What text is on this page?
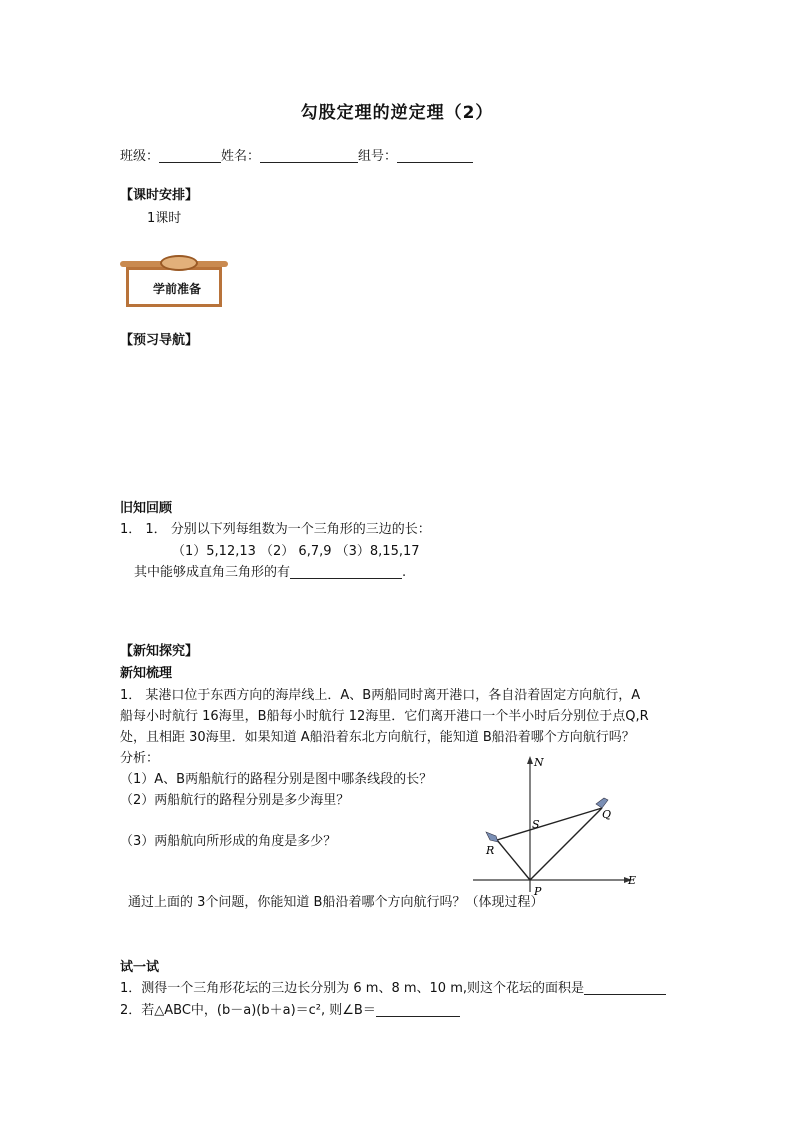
勾股定理的逆定理（2）
班级：	姓名：	组号：
【课时安排】
1课时
学前准备
【预习导航】
旧知回顾
1． 1． 分别以下列每组数为一个三角形的三边的长：
（1）5,12,13 （2） 6,7,9 （3）8,15,17
其中能够成直角三角形的有	.
【新知探究】
新知梳理
1． 某港口位于东西方向的海岸线上．A、B两船同时离开港口，各自沿着固定方向航行，A
船每小时航行 16海里，B船每小时航行 12海里．它们离开港口一个半小时后分别位于点Q,R
处，且相距 30海里．如果知道 A船沿着东北方向航行，能知道 B船沿着哪个方向航行吗？
分析：
（1）A、B两船航行的路程分别是图中哪条线段的长？
（2）两船航行的路程分别是多少海里？
（3）两船航向所形成的角度是多少？
N
E
S
Q
R
P
通过上面的 3个问题，你能知道 B船沿着哪个方向航行吗？（体现过程）
试一试
1．测得一个三角形花坛的三边长分别为 6 m、8 m、10 m,则这个花坛的面积是
2．若△ABC中，(b－a)(b＋a)＝c², 则∠B＝
